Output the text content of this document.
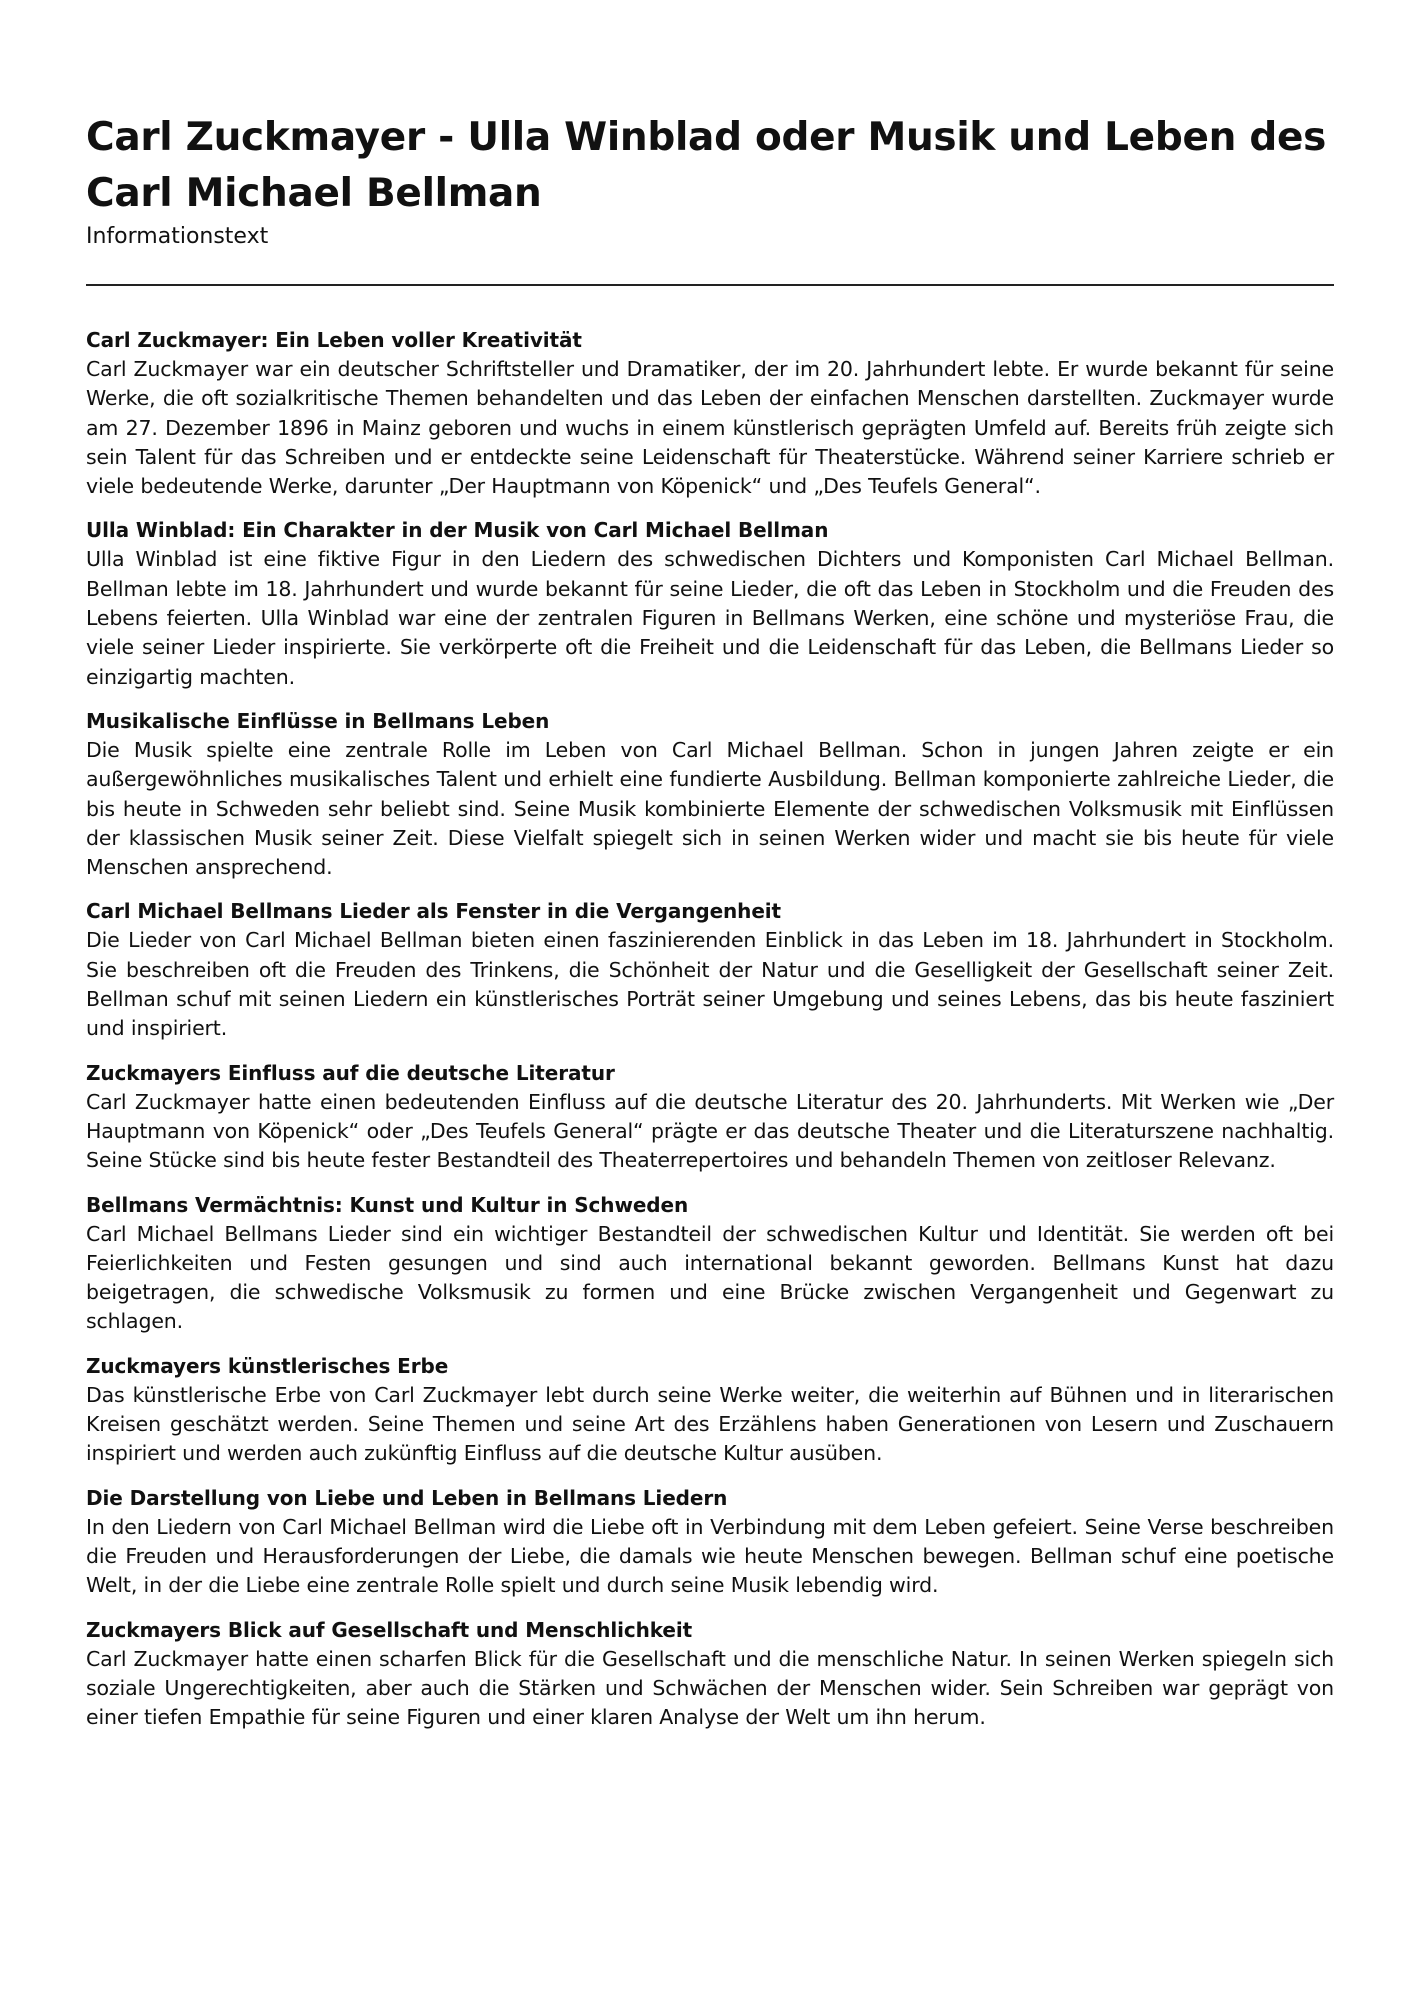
Carl Zuckmayer - Ulla Winblad oder Musik und Leben des Carl Michael Bellman
Informationstext
Carl Zuckmayer: Ein Leben voller Kreativität

Carl Zuckmayer war ein deutscher Schriftsteller und Dramatiker, der im 20. Jahrhundert lebte. Er wurde bekannt für seine Werke, die oft sozialkritische Themen behandelten und das Leben der einfachen Menschen darstellten. Zuckmayer wurde am 27. Dezember 1896 in Mainz geboren und wuchs in einem künstlerisch geprägten Umfeld auf. Bereits früh zeigte sich sein Talent für das Schreiben und er entdeckte seine Leidenschaft für Theaterstücke. Während seiner Karriere schrieb er viele bedeutende Werke, darunter „Der Hauptmann von Köpenick“ und „Des Teufels General“.

Ulla Winblad: Ein Charakter in der Musik von Carl Michael Bellman

Ulla Winblad ist eine fiktive Figur in den Liedern des schwedischen Dichters und Komponisten Carl Michael Bellman. Bellman lebte im 18. Jahrhundert und wurde bekannt für seine Lieder, die oft das Leben in Stockholm und die Freuden des Lebens feierten. Ulla Winblad war eine der zentralen Figuren in Bellmans Werken, eine schöne und mysteriöse Frau, die viele seiner Lieder inspirierte. Sie verkörperte oft die Freiheit und die Leidenschaft für das Leben, die Bellmans Lieder so einzigartig machten.

Musikalische Einflüsse in Bellmans Leben

Die Musik spielte eine zentrale Rolle im Leben von Carl Michael Bellman. Schon in jungen Jahren zeigte er ein außergewöhnliches musikalisches Talent und erhielt eine fundierte Ausbildung. Bellman komponierte zahlreiche Lieder, die bis heute in Schweden sehr beliebt sind. Seine Musik kombinierte Elemente der schwedischen Volksmusik mit Einflüssen der klassischen Musik seiner Zeit. Diese Vielfalt spiegelt sich in seinen Werken wider und macht sie bis heute für viele Menschen ansprechend.

Carl Michael Bellmans Lieder als Fenster in die Vergangenheit

Die Lieder von Carl Michael Bellman bieten einen faszinierenden Einblick in das Leben im 18. Jahrhundert in Stockholm. Sie beschreiben oft die Freuden des Trinkens, die Schönheit der Natur und die Geselligkeit der Gesellschaft seiner Zeit. Bellman schuf mit seinen Liedern ein künstlerisches Porträt seiner Umgebung und seines Lebens, das bis heute fasziniert und inspiriert.

Zuckmayers Einfluss auf die deutsche Literatur

Carl Zuckmayer hatte einen bedeutenden Einfluss auf die deutsche Literatur des 20. Jahrhunderts. Mit Werken wie „Der Hauptmann von Köpenick“ oder „Des Teufels General“ prägte er das deutsche Theater und die Literaturszene nachhaltig. Seine Stücke sind bis heute fester Bestandteil des Theaterrepertoires und behandeln Themen von zeitloser Relevanz.

Bellmans Vermächtnis: Kunst und Kultur in Schweden

Carl Michael Bellmans Lieder sind ein wichtiger Bestandteil der schwedischen Kultur und Identität. Sie werden oft bei Feierlichkeiten und Festen gesungen und sind auch international bekannt geworden. Bellmans Kunst hat dazu beigetragen, die schwedische Volksmusik zu formen und eine Brücke zwischen Vergangenheit und Gegenwart zu schlagen.

Zuckmayers künstlerisches Erbe

Das künstlerische Erbe von Carl Zuckmayer lebt durch seine Werke weiter, die weiterhin auf Bühnen und in literarischen Kreisen geschätzt werden. Seine Themen und seine Art des Erzählens haben Generationen von Lesern und Zuschauern inspiriert und werden auch zukünftig Einfluss auf die deutsche Kultur ausüben.

Die Darstellung von Liebe und Leben in Bellmans Liedern

In den Liedern von Carl Michael Bellman wird die Liebe oft in Verbindung mit dem Leben gefeiert. Seine Verse beschreiben die Freuden und Herausforderungen der Liebe, die damals wie heute Menschen bewegen. Bellman schuf eine poetische Welt, in der die Liebe eine zentrale Rolle spielt und durch seine Musik lebendig wird.

Zuckmayers Blick auf Gesellschaft und Menschlichkeit

Carl Zuckmayer hatte einen scharfen Blick für die Gesellschaft und die menschliche Natur. In seinen Werken spiegeln sich soziale Ungerechtigkeiten, aber auch die Stärken und Schwächen der Menschen wider. Sein Schreiben war geprägt von einer tiefen Empathie für seine Figuren und einer klaren Analyse der Welt um ihn herum.
